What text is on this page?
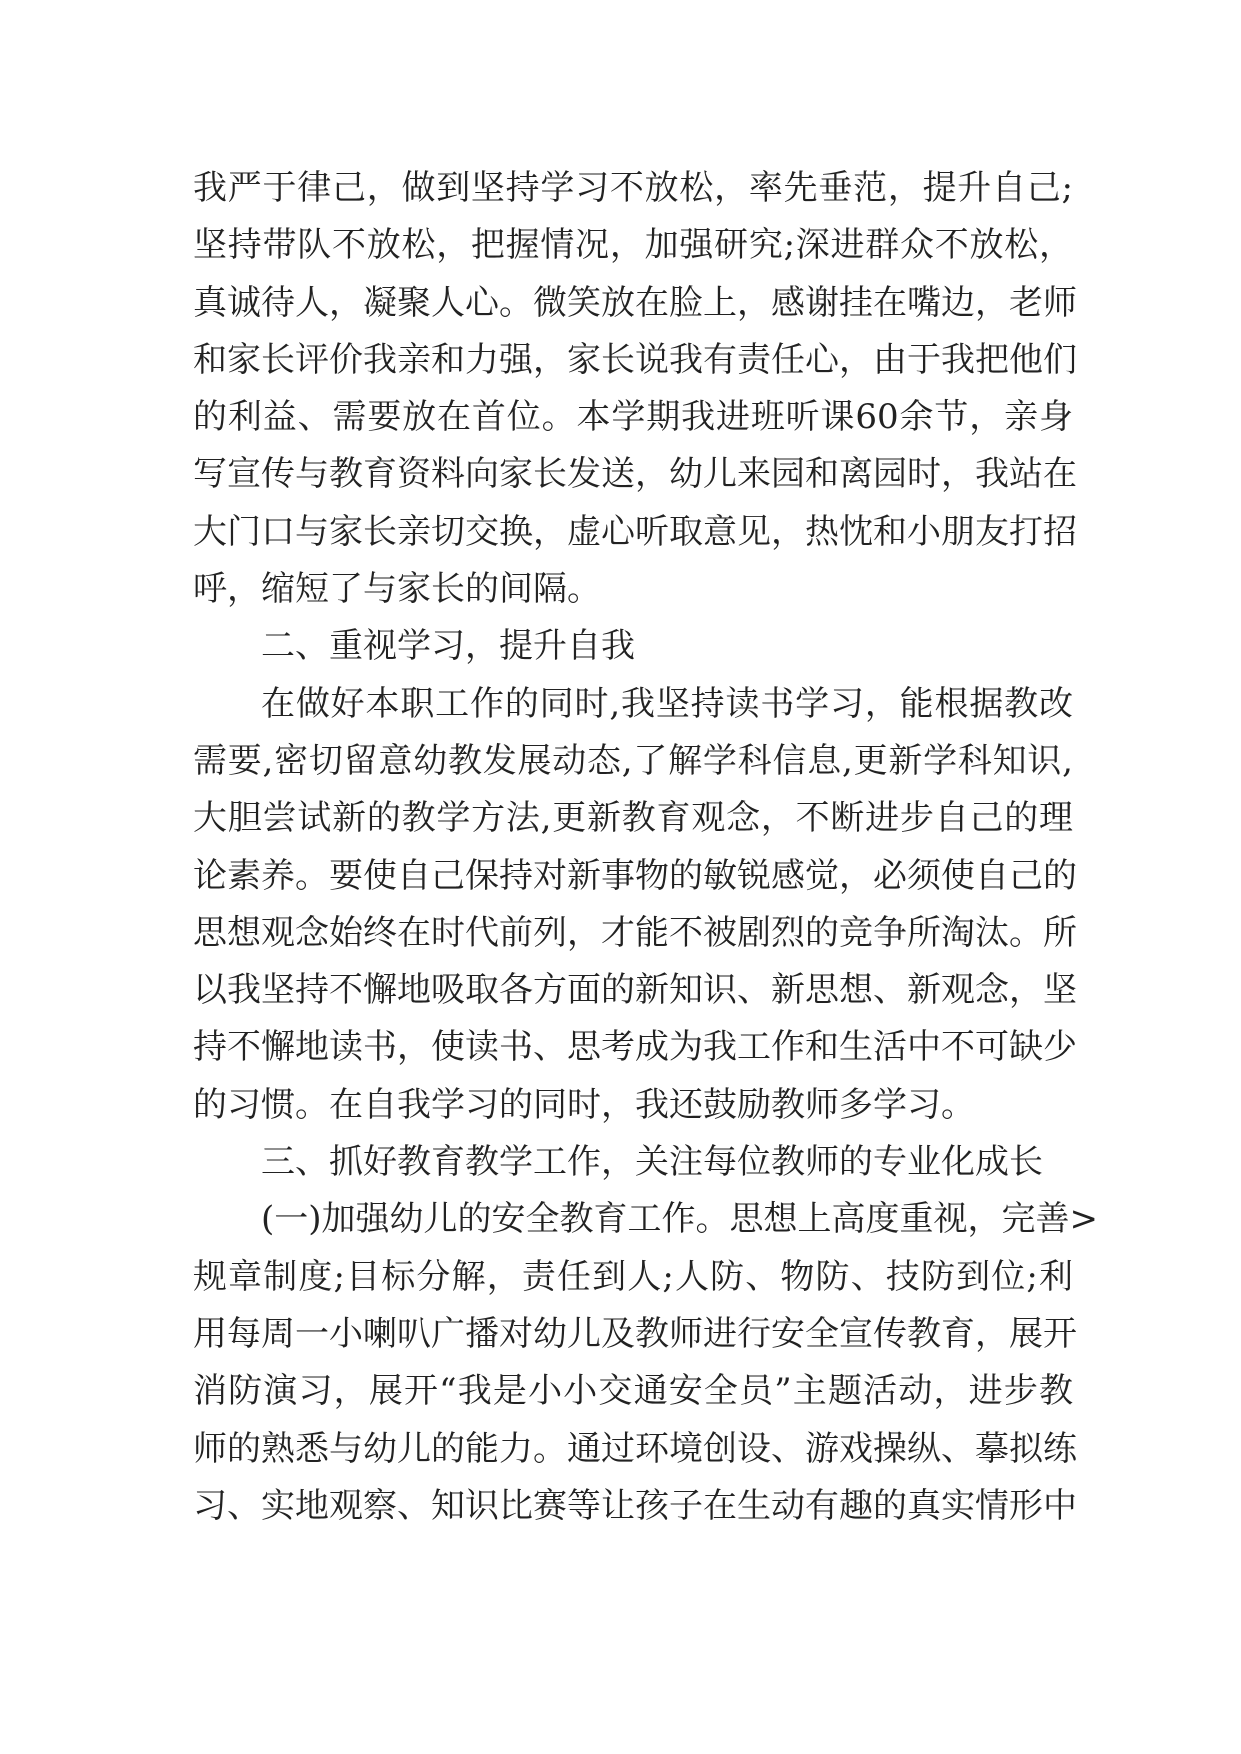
我严于律己，做到坚持学习不放松，率先垂范，提升自己;
坚持带队不放松，把握情况，加强研究;深进群众不放松，
真诚待人，凝聚人心。微笑放在脸上，感谢挂在嘴边，老师
和家长评价我亲和力强，家长说我有责任心，由于我把他们
的利益、需要放在首位。本学期我进班听课60余节，亲身
写宣传与教育资料向家长发送，幼儿来园和离园时，我站在
大门口与家长亲切交换，虚心听取意见，热忱和小朋友打招
呼，缩短了与家长的间隔。
二、重视学习，提升自我
在做好本职工作的同时,我坚持读书学习，能根据教改
需要,密切留意幼教发展动态,了解学科信息,更新学科知识,
大胆尝试新的教学方法,更新教育观念，不断进步自己的理
论素养。要使自己保持对新事物的敏锐感觉，必须使自己的
思想观念始终在时代前列，才能不被剧烈的竞争所淘汰。所
以我坚持不懈地吸取各方面的新知识、新思想、新观念，坚
持不懈地读书，使读书、思考成为我工作和生活中不可缺少
的习惯。在自我学习的同时，我还鼓励教师多学习。
三、抓好教育教学工作，关注每位教师的专业化成长
(一)加强幼儿的安全教育工作。思想上高度重视，完善>
规章制度;目标分解，责任到人;人防、物防、技防到位;利
用每周一小喇叭广播对幼儿及教师进行安全宣传教育，展开
消防演习，展开“我是小小交通安全员”主题活动，进步教
师的熟悉与幼儿的能力。通过环境创设、游戏操纵、摹拟练
习、实地观察、知识比赛等让孩子在生动有趣的真实情形中
